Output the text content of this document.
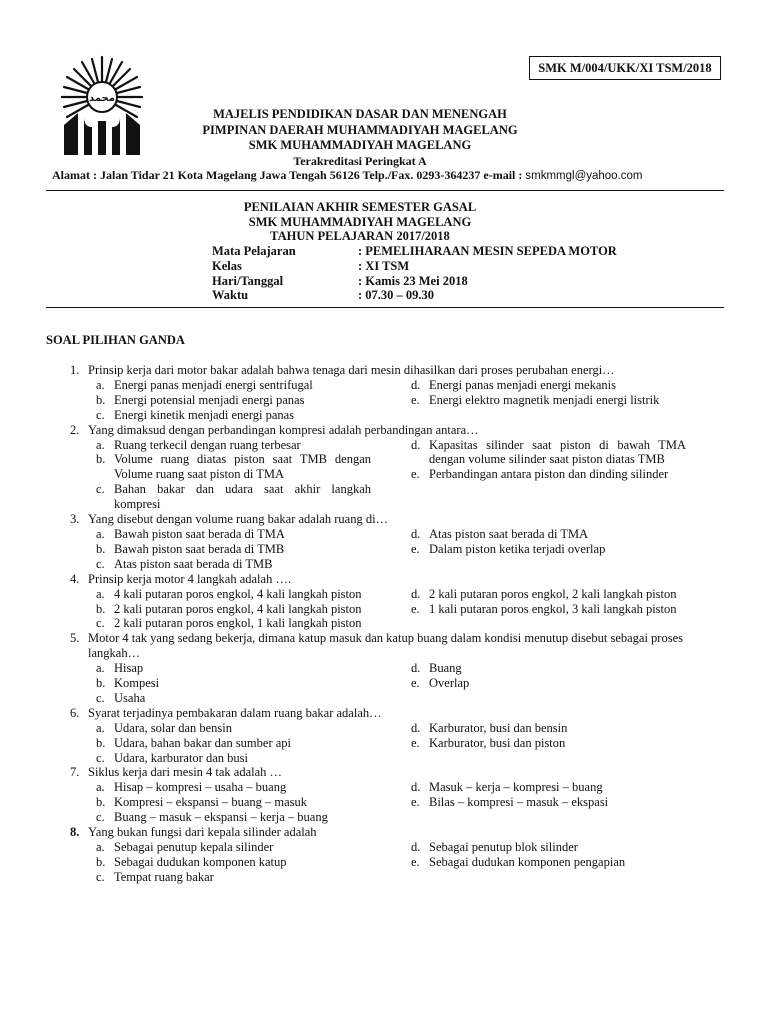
SMK M/004/UKK/XI TSM/2018
محمد
MAJELIS PENDIDIKAN DASAR DAN MENENGAH
PIMPINAN DAERAH MUHAMMADIYAH MAGELANG
SMK MUHAMMADIYAH MAGELANG
Terakreditasi Peringkat A
Alamat : Jalan Tidar 21 Kota Magelang Jawa Tengah 56126 Telp./Fax. 0293-364237 e-mail : smkmmgl@yahoo.com
PENILAIAN AKHIR SEMESTER GASAL
SMK MUHAMMADIYAH MAGELANG
TAHUN PELAJARAN 2017/2018
Mata Pelajaran	: PEMELIHARAAN MESIN SEPEDA MOTOR
Kelas	: XI TSM
Hari/Tanggal	: Kamis 23 Mei 2018
Waktu	: 07.30 – 09.30
SOAL PILIHAN GANDA
1. Prinsip kerja dari motor bakar adalah bahwa tenaga dari mesin dihasilkan dari proses perubahan energi…
a. Energi panas menjadi energi sentrifugal
b. Energi potensial menjadi energi panas
c. Energi kinetik menjadi energi panas
d. Energi panas menjadi energi mekanis
e. Energi elektro magnetik menjadi energi listrik
2. Yang dimaksud dengan perbandingan kompresi adalah perbandingan antara…
a. Ruang terkecil dengan ruang terbesar
b. Volume ruang diatas piston saat TMB dengan Volume ruang saat piston di TMA
c. Bahan bakar dan udara saat akhir langkah kompresi
d. Kapasitas silinder saat piston di bawah TMA dengan volume silinder saat piston diatas TMB
e. Perbandingan antara piston dan dinding silinder
3. Yang disebut dengan volume ruang bakar adalah ruang di…
a. Bawah piston saat berada di TMA
b. Bawah piston saat berada di TMB
c. Atas piston saat berada di TMB
d. Atas piston saat berada di TMA
e. Dalam piston ketika terjadi overlap
4. Prinsip kerja motor 4 langkah adalah ….
a. 4 kali putaran poros engkol, 4 kali langkah piston
b. 2 kali putaran poros engkol, 4 kali langkah piston
c. 2 kali putaran poros engkol, 1 kali langkah piston
d. 2 kali putaran poros engkol, 2 kali langkah piston
e. 1 kali putaran poros engkol, 3 kali langkah piston
5. Motor 4 tak yang sedang bekerja, dimana katup masuk dan katup buang dalam kondisi menutup disebut sebagai proses langkah…
a. Hisap
b. Kompesi
c. Usaha
d. Buang
e. Overlap
6. Syarat terjadinya pembakaran dalam ruang bakar adalah…
a. Udara, solar dan bensin
b. Udara, bahan bakar dan sumber api
c. Udara, karburator dan busi
d. Karburator, busi dan bensin
e. Karburator, busi dan piston
7. Siklus kerja dari mesin 4 tak adalah …
a. Hisap – kompresi – usaha – buang
b. Kompresi – ekspansi – buang – masuk
c. Buang – masuk – ekspansi – kerja – buang
d. Masuk – kerja – kompresi – buang
e. Bilas – kompresi – masuk – ekspasi
8. Yang bukan fungsi dari kepala silinder adalah
a. Sebagai penutup kepala silinder
b. Sebagai dudukan komponen katup
c. Tempat ruang bakar
d. Sebagai penutup blok silinder
e. Sebagai dudukan komponen pengapian
